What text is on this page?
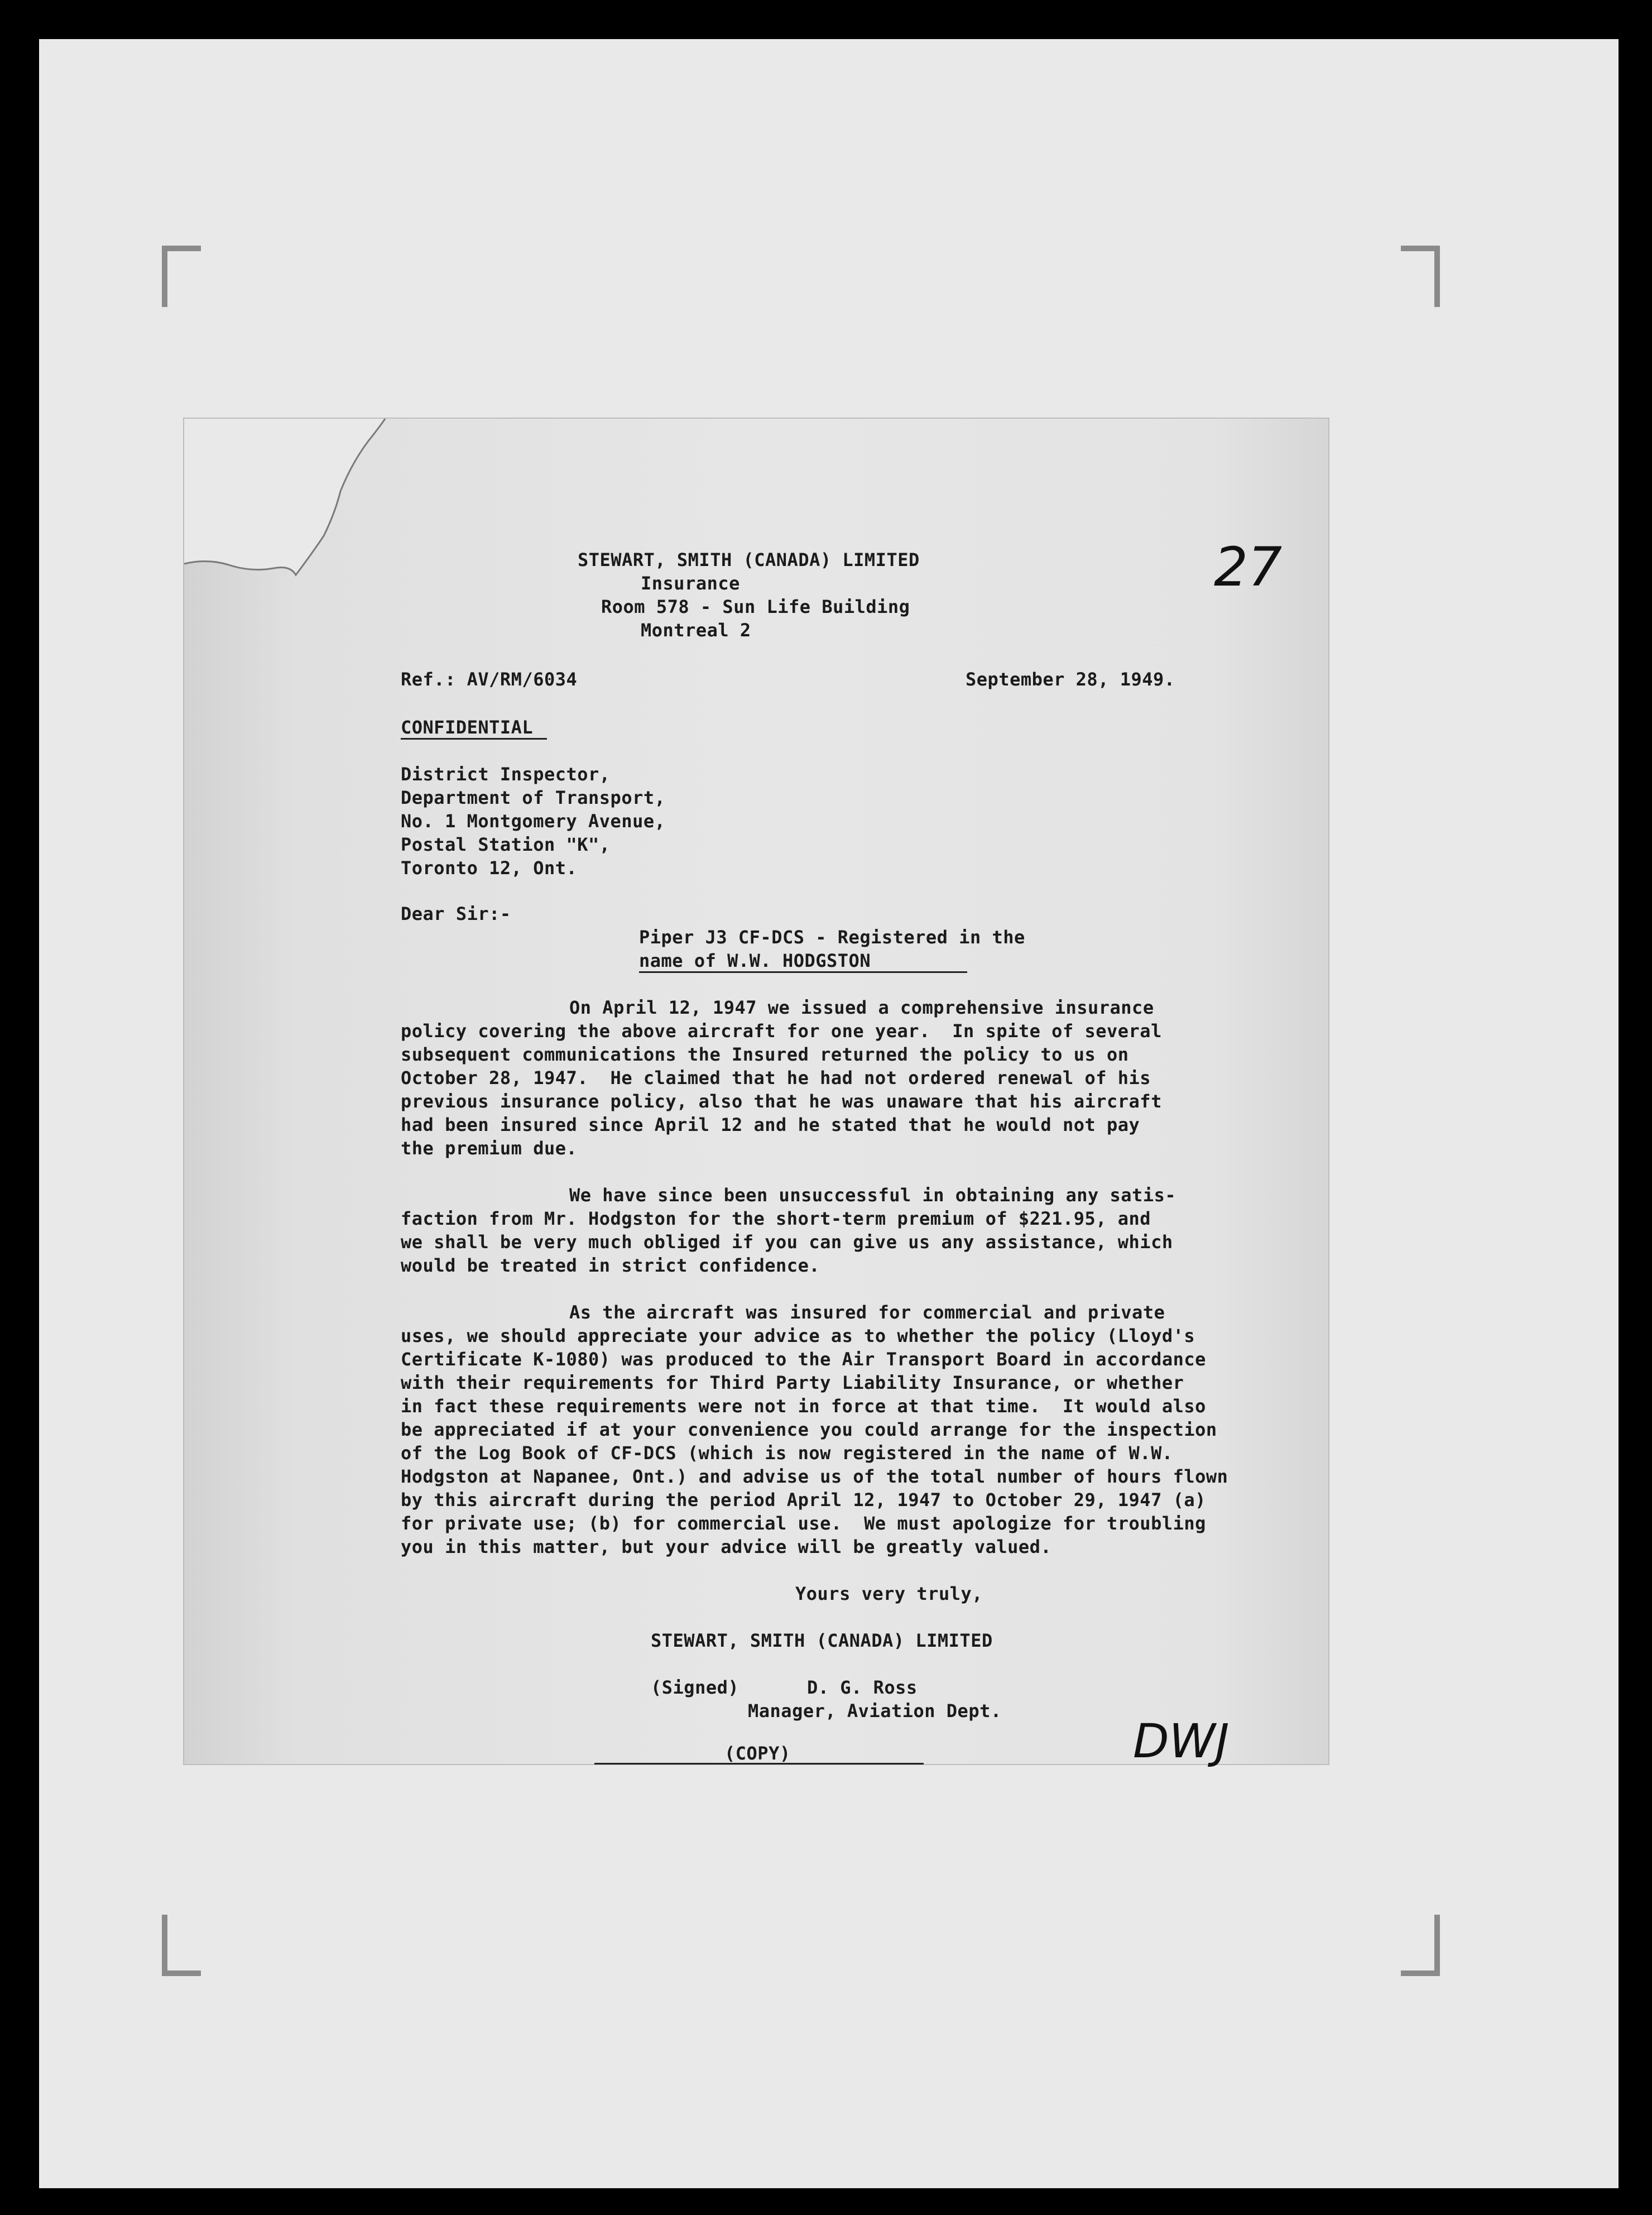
STEWART, SMITH (CANADA) LIMITED
Insurance
Room 578 - Sun Life Building
Montreal 2
27
Ref.: AV/RM/6034	September 28, 1949.
CONFIDENTIAL
District Inspector,
Department of Transport,
No. 1 Montgomery Avenue,
Postal Station "K",
Toronto 12, Ont.
Dear Sir:-
Piper J3 CF-DCS - Registered in the
name of W.W. HODGSTON
On April 12, 1947 we issued a comprehensive insurance
policy covering the above aircraft for one year.  In spite of several
subsequent communications the Insured returned the policy to us on
October 28, 1947.  He claimed that he had not ordered renewal of his
previous insurance policy, also that he was unaware that his aircraft
had been insured since April 12 and he stated that he would not pay
the premium due.
We have since been unsuccessful in obtaining any satis-
faction from Mr. Hodgston for the short-term premium of $221.95, and
we shall be very much obliged if you can give us any assistance, which
would be treated in strict confidence.
As the aircraft was insured for commercial and private
uses, we should appreciate your advice as to whether the policy (Lloyd's
Certificate K-1080) was produced to the Air Transport Board in accordance
with their requirements for Third Party Liability Insurance, or whether
in fact these requirements were not in force at that time.  It would also
be appreciated if at your convenience you could arrange for the inspection
of the Log Book of CF-DCS (which is now registered in the name of W.W.
Hodgston at Napanee, Ont.) and advise us of the total number of hours flown
by this aircraft during the period April 12, 1947 to October 29, 1947 (a)
for private use; (b) for commercial use.  We must apologize for troubling
you in this matter, but your advice will be greatly valued.
Yours very truly,
STEWART, SMITH (CANADA) LIMITED
(Signed)	D. G. Ross
Manager, Aviation Dept.
DWJ
(COPY)
